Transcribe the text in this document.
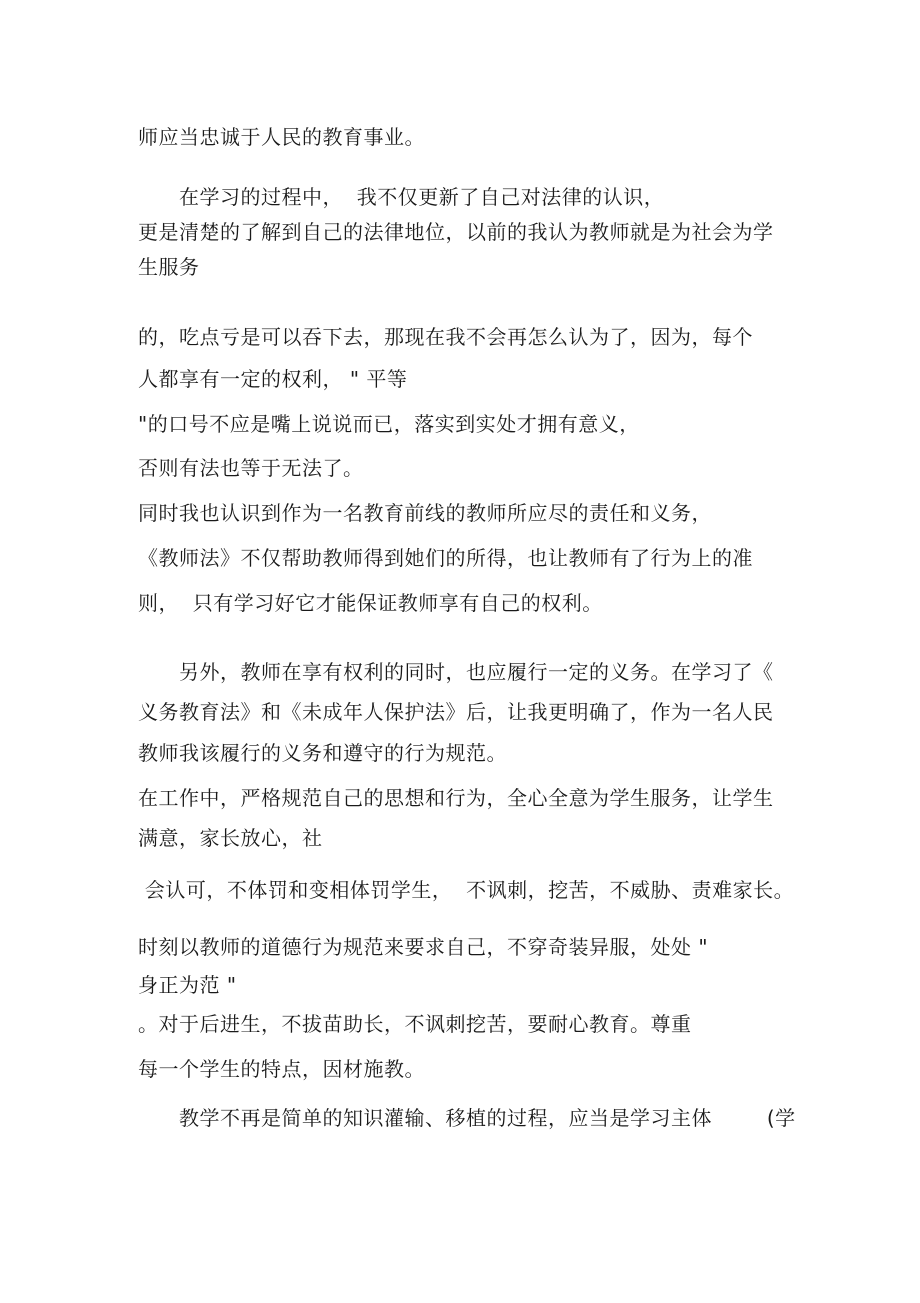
师应当忠诚于人民的教育事业。
　　在学习的过程中，  我不仅更新了自己对法律的认识，
更是清楚的了解到自己的法律地位，以前的我认为教师就是为社会为学
生服务
的，吃点亏是可以吞下去，那现在我不会再怎么认为了，因为，每个
人都享有一定的权利， " 平等
"的口号不应是嘴上说说而已，落实到实处才拥有意义，
否则有法也等于无法了。
同时我也认识到作为一名教育前线的教师所应尽的责任和义务，
《教师法》不仅帮助教师得到她们的所得，也让教师有了行为上的准
则，  只有学习好它才能保证教师享有自己的权利。
　　另外，教师在享有权利的同时，也应履行一定的义务。在学习了《
义务教育法》和《未成年人保护法》后，让我更明确了，作为一名人民
教师我该履行的义务和遵守的行为规范。
在工作中，严格规范自己的思想和行为，全心全意为学生服务，让学生
满意，家长放心，社
会认可，不体罚和变相体罚学生，  不讽刺，挖苦，不威胁、责难家长。
时刻以教师的道德行为规范来要求自己，不穿奇装异服，处处 "
身正为范 "
。对于后进生，不拔苗助长，不讽刺挖苦，要耐心教育。尊重
每一个学生的特点，因材施教。
　　教学不再是简单的知识灌输、移植的过程，应当是学习主体        (学
